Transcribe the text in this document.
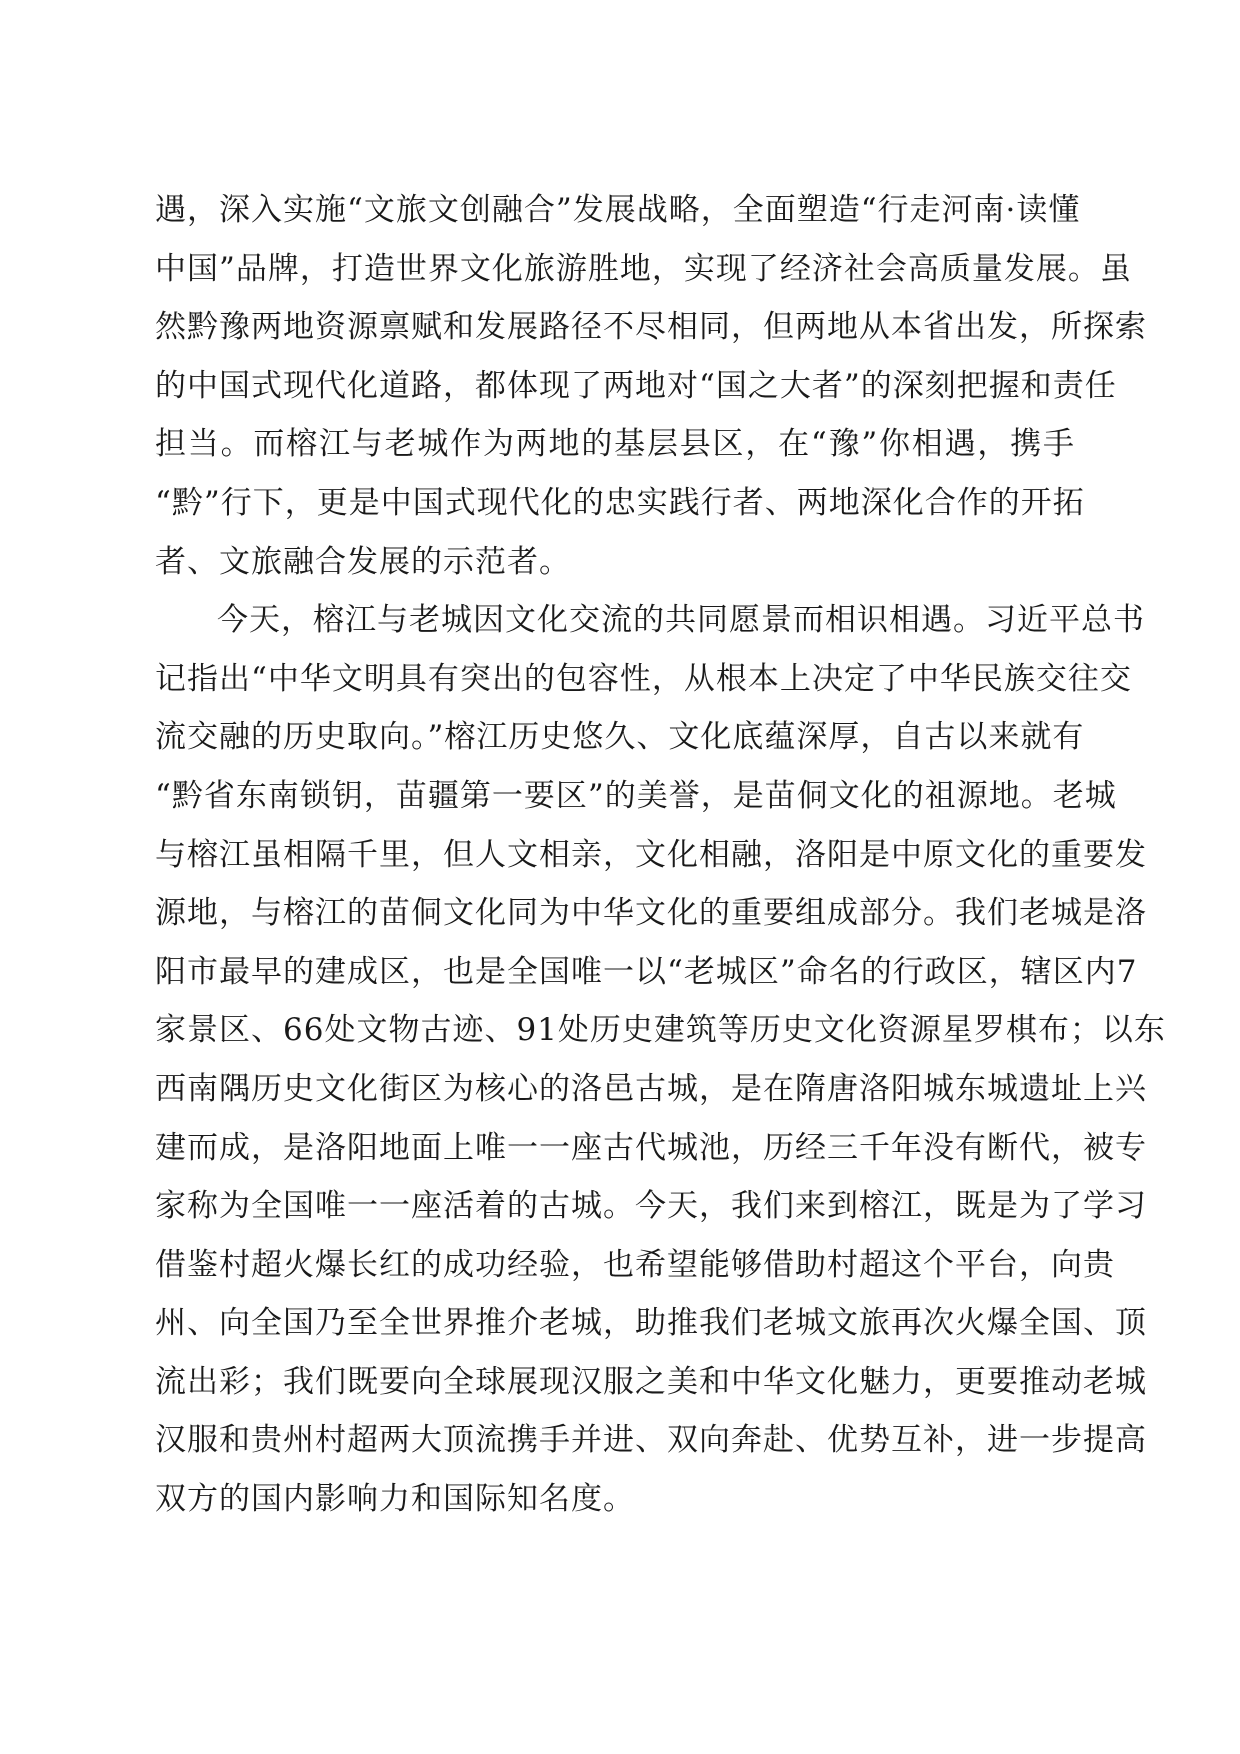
遇，深入实施“文旅文创融合”发展战略，全面塑造“行走河南·读懂
中国”品牌，打造世界文化旅游胜地，实现了经济社会高质量发展。虽
然黔豫两地资源禀赋和发展路径不尽相同，但两地从本省出发，所探索
的中国式现代化道路，都体现了两地对“国之大者”的深刻把握和责任
担当。而榕江与老城作为两地的基层县区，在“豫”你相遇，携手
“黔”行下，更是中国式现代化的忠实践行者、两地深化合作的开拓
者、文旅融合发展的示范者。
今天，榕江与老城因文化交流的共同愿景而相识相遇。习近平总书
记指出“中华文明具有突出的包容性，从根本上决定了中华民族交往交
流交融的历史取向。”榕江历史悠久、文化底蕴深厚，自古以来就有
“黔省东南锁钥，苗疆第一要区”的美誉，是苗侗文化的祖源地。老城
与榕江虽相隔千里，但人文相亲，文化相融，洛阳是中原文化的重要发
源地，与榕江的苗侗文化同为中华文化的重要组成部分。我们老城是洛
阳市最早的建成区，也是全国唯一以“老城区”命名的行政区，辖区内7
家景区、66处文物古迹、91处历史建筑等历史文化资源星罗棋布；以东
西南隅历史文化街区为核心的洛邑古城，是在隋唐洛阳城东城遗址上兴
建而成，是洛阳地面上唯一一座古代城池，历经三千年没有断代，被专
家称为全国唯一一座活着的古城。今天，我们来到榕江，既是为了学习
借鉴村超火爆长红的成功经验，也希望能够借助村超这个平台，向贵
州、向全国乃至全世界推介老城，助推我们老城文旅再次火爆全国、顶
流出彩；我们既要向全球展现汉服之美和中华文化魅力，更要推动老城
汉服和贵州村超两大顶流携手并进、双向奔赴、优势互补，进一步提高
双方的国内影响力和国际知名度。
